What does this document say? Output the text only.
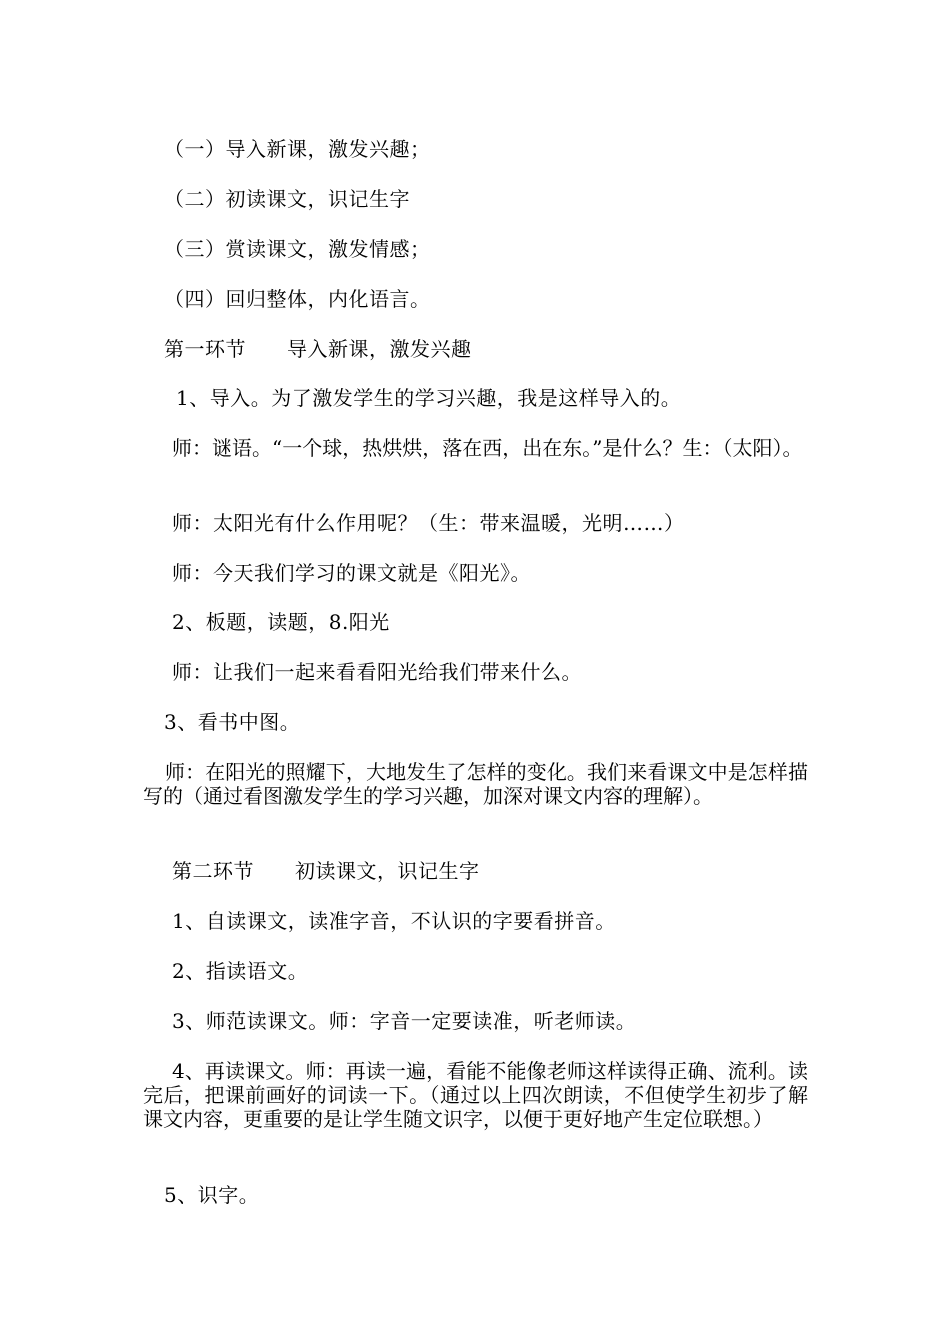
（一）导入新课，激发兴趣；
（二）初读课文，识记生字
（三）赏读课文，激发情感；
（四）回归整体，内化语言。
第一环节　　导入新课，激发兴趣
1、导入。为了激发学生的学习兴趣，我是这样导入的。
师：谜语。“一个球，热烘烘，落在西，出在东。”是什么？生：（太阳）。
师：太阳光有什么作用呢？（生：带来温暖，光明……）
师：今天我们学习的课文就是《阳光》。
2、板题，读题，8.阳光
师：让我们一起来看看阳光给我们带来什么。
3、看书中图。
师：在阳光的照耀下，大地发生了怎样的变化。我们来看课文中是怎样描写的（通过看图激发学生的学习兴趣，加深对课文内容的理解）。
第二环节　　初读课文，识记生字
1、自读课文，读准字音，不认识的字要看拼音。
2、指读语文。
3、师范读课文。师：字音一定要读准，听老师读。
4、再读课文。师：再读一遍，看能不能像老师这样读得正确、流利。读完后，把课前画好的词读一下。（通过以上四次朗读，不但使学生初步了解课文内容，更重要的是让学生随文识字，以便于更好地产生定位联想。）
5、识字。
